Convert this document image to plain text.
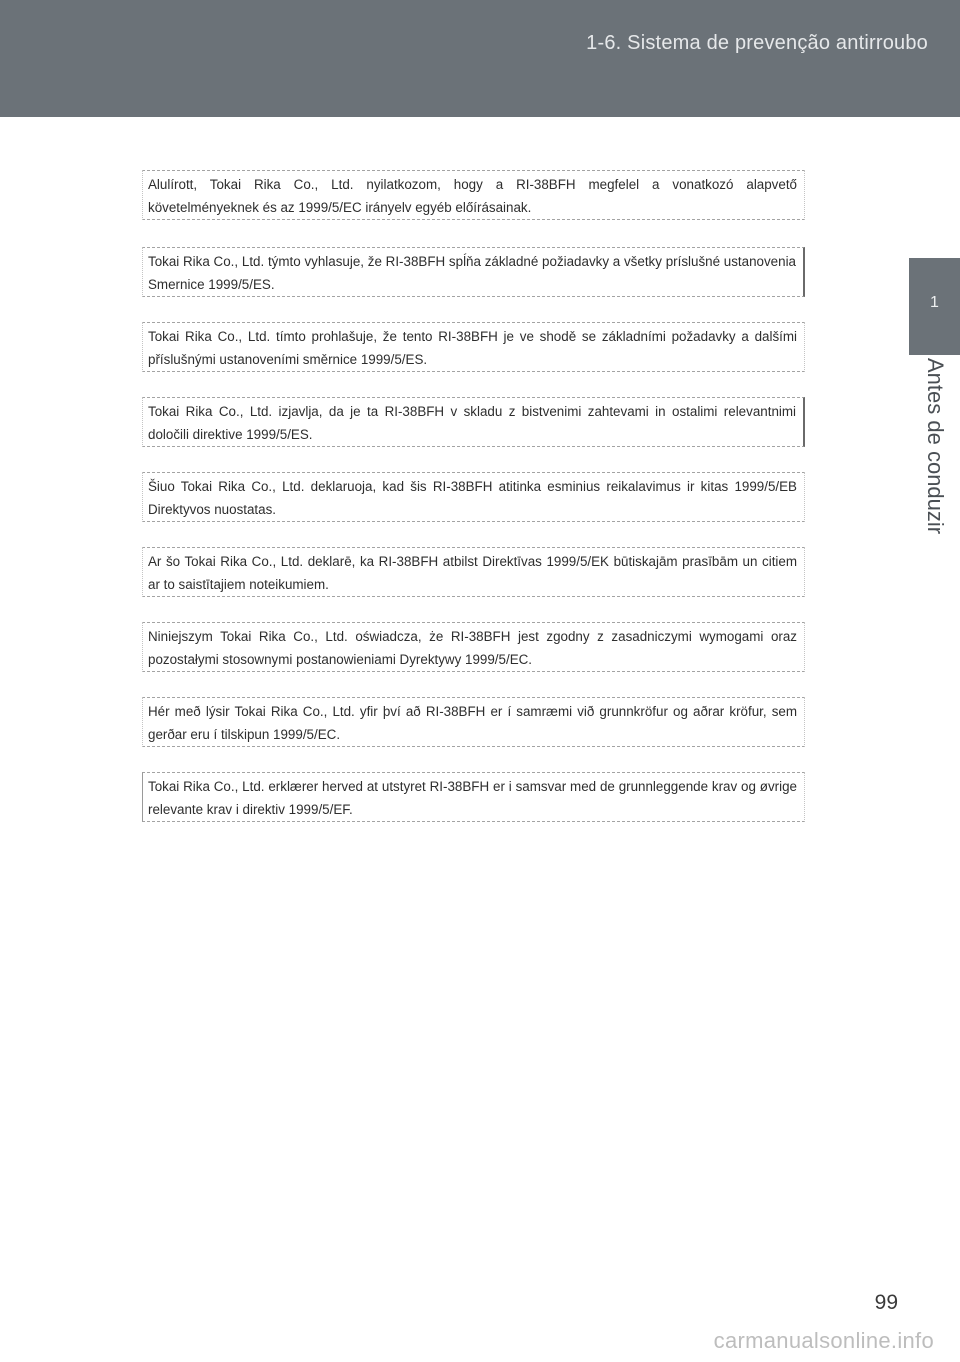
1-6. Sistema de prevenção antirroubo
1
Antes de conduzir

Alulírott, Tokai Rika Co., Ltd. nyilatkozom, hogy a RI-38BFH megfelel a vonatkozó alapvető követelményeknek és az 1999/5/EC irányelv egyéb előírásainak.

Tokai Rika Co., Ltd. týmto vyhlasuje, že RI-38BFH spĺňa základné požiadavky a všetky príslušné ustanovenia Smernice 1999/5/ES.

Tokai Rika Co., Ltd. tímto prohlašuje, že tento RI-38BFH je ve shodě se základními požadavky a dalšími příslušnými ustanoveními směrnice 1999/5/ES.

Tokai Rika Co., Ltd. izjavlja, da je ta RI-38BFH v skladu z bistvenimi zahtevami in ostalimi relevantnimi določili direktive 1999/5/ES.

Šiuo Tokai Rika Co., Ltd. deklaruoja, kad šis RI-38BFH atitinka esminius reikalavimus ir kitas 1999/5/EB Direktyvos nuostatas.

Ar šo Tokai Rika Co., Ltd. deklarē, ka RI-38BFH atbilst Direktīvas 1999/5/EK būtiskajām prasībām un citiem ar to saistītajiem noteikumiem.

Niniejszym Tokai Rika Co., Ltd. oświadcza, że RI-38BFH jest zgodny z zasadniczymi wymogami oraz pozostałymi stosownymi postanowieniami Dyrektywy 1999/5/EC.

Hér með lýsir Tokai Rika Co., Ltd. yfir því að RI-38BFH er í samræmi við grunnkröfur og aðrar kröfur, sem gerðar eru í tilskipun 1999/5/EC.

Tokai Rika Co., Ltd. erklærer herved at utstyret RI-38BFH er i samsvar med de grunnleggende krav og øvrige relevante krav i direktiv 1999/5/EF.

99
carmanualsonline.info
